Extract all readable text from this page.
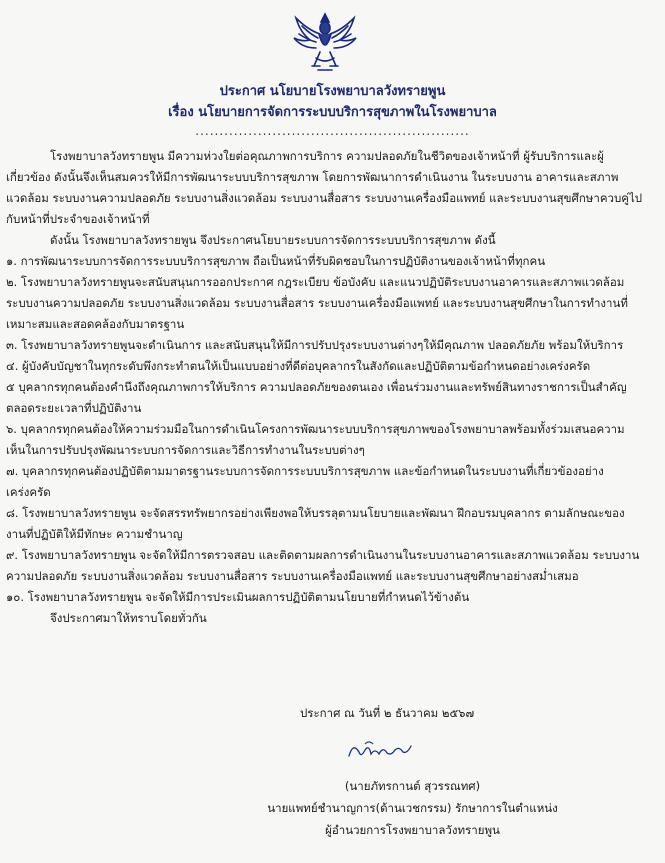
ประกาศ นโยบายโรงพยาบาลวังทรายพูน
เรื่อง นโยบายการจัดการระบบบริการสุขภาพในโรงพยาบาล
.........................................................

โรงพยาบาลวังทรายพูน มีความห่วงใยต่อคุณภาพการบริการ ความปลอดภัยในชีวิตของเจ้าหน้าที่ ผู้รับบริการและผู้เกี่ยวข้อง ดังนั้นจึงเห็นสมควรให้มีการพัฒนาระบบบริการสุขภาพ โดยการพัฒนาการดำเนินงาน ในระบบงาน อาคารและสภาพแวดล้อม ระบบงานความปลอดภัย ระบบงานสิ่งแวดล้อม ระบบงานสื่อสาร ระบบงานเครื่องมือแพทย์ และระบบงานสุขศึกษาควบคู่ไปกับหน้าที่ประจำของเจ้าหน้าที่

ดังนั้น โรงพยาบาลวังทรายพูน จึงประกาศนโยบายระบบการจัดการระบบบริการสุขภาพ ดังนี้

๑. การพัฒนาระบบการจัดการระบบบริการสุขภาพ ถือเป็นหน้าที่รับผิดชอบในการปฏิบัติงานของเจ้าหน้าที่ทุกคน

๒. โรงพยาบาลวังทรายพูนจะสนับสนุนการออกประกาศ กฎระเบียบ ข้อบังคับ และแนวปฏิบัติระบบงานอาคารและสภาพแวดล้อม ระบบงานความปลอดภัย ระบบงานสิ่งแวดล้อม ระบบงานสื่อสาร ระบบงานเครื่องมือแพทย์ และระบบงานสุขศึกษาในการทำงานที่เหมาะสมและสอดคล้องกับมาตรฐาน

๓. โรงพยาบาลวังทรายพูนจะดำเนินการ และสนับสนุนให้มีการปรับปรุงระบบงานต่างๆให้มีคุณภาพ ปลอดภัยภัย พร้อมให้บริการ

๔. ผู้บังคับบัญชาในทุกระดับพึงกระทำตนให้เป็นแบบอย่างที่ดีต่อบุคลากรในสังกัดและปฏิบัติตามข้อกำหนดอย่างเคร่งครัด

๕ บุคลากรทุกคนต้องคำนึงถึงคุณภาพการให้บริการ ความปลอดภัยของตนเอง เพื่อนร่วมงานและทรัพย์สินทางราชการเป็นสำคัญตลอดระยะเวลาที่ปฏิบัติงาน

๖. บุคลากรทุกคนต้องให้ความร่วมมือในการดำเนินโครงการพัฒนาระบบบริการสุขภาพของโรงพยาบาลพร้อมทั้งร่วมเสนอความเห็นในการปรับปรุงพัฒนาระบบการจัดการและวิธีการทำงานในระบบต่างๆ

๗. บุคลากรทุกคนต้องปฏิบัติตามมาตรฐานระบบการจัดการระบบบริการสุขภาพ และข้อกำหนดในระบบงานที่เกี่ยวข้องอย่างเคร่งครัด

๘. โรงพยาบาลวังทรายพูน จะจัดสรรทรัพยากรอย่างเพียงพอให้บรรลุตามนโยบายและพัฒนา ฝึกอบรมบุคลากร ตามลักษณะของงานที่ปฏิบัติให้มีทักษะ ความชำนาญ

๙. โรงพยาบาลวังทรายพูน จะจัดให้มีการตรวจสอบ และติดตามผลการดำเนินงานในระบบงานอาคารและสภาพแวดล้อม ระบบงานความปลอดภัย ระบบงานสิ่งแวดล้อม ระบบงานสื่อสาร ระบบงานเครื่องมือแพทย์ และระบบงานสุขศึกษาอย่างสม่ำเสมอ

๑๐. โรงพยาบาลวังทรายพูน จะจัดให้มีการประเมินผลการปฏิบัติตามนโยบายที่กำหนดไว้ข้างต้น

จึงประกาศมาให้ทราบโดยทั่วกัน

ประกาศ ณ วันที่ ๒ ธันวาคม ๒๕๖๗
(นายภัทรกานต์ สุวรรณทศ)
นายแพทย์ชำนาญการ(ด้านเวชกรรม) รักษาการในตำแหน่ง
ผู้อำนวยการโรงพยาบาลวังทรายพูน
